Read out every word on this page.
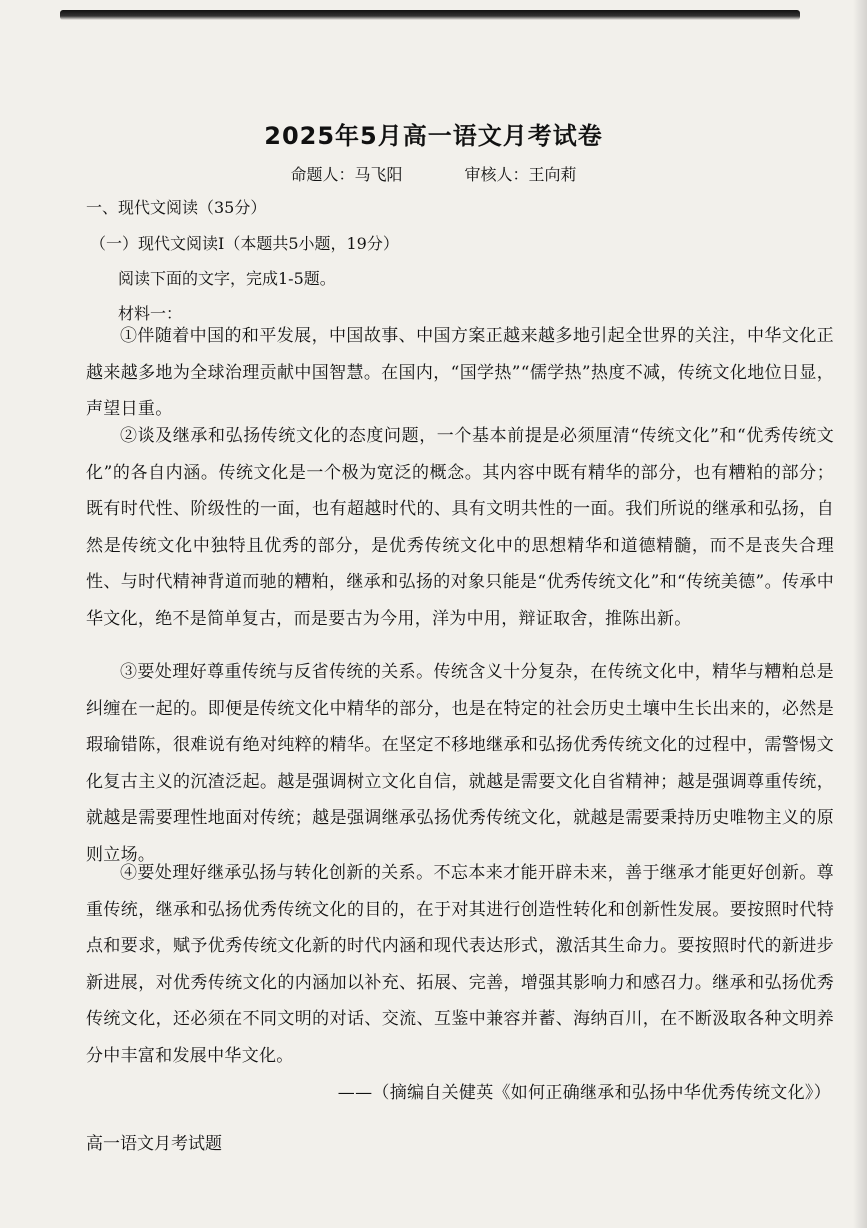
2025年5月高一语文月考试卷
命题人：马飞阳	审核人：王向莉
一、现代文阅读（35分）
（一）现代文阅读Ⅰ（本题共5小题，19分）
阅读下面的文字，完成1-5题。
材料一：

①伴随着中国的和平发展，中国故事、中国方案正越来越多地引起全世界的关注，中华文化正越来越多地为全球治理贡献中国智慧。在国内，“国学热”“儒学热”热度不减，传统文化地位日显，声望日重。

②谈及继承和弘扬传统文化的态度问题，一个基本前提是必须厘清“传统文化”和“优秀传统文化”的各自内涵。传统文化是一个极为宽泛的概念。其内容中既有精华的部分，也有糟粕的部分；既有时代性、阶级性的一面，也有超越时代的、具有文明共性的一面。我们所说的继承和弘扬，自然是传统文化中独特且优秀的部分，是优秀传统文化中的思想精华和道德精髓，而不是丧失合理性、与时代精神背道而驰的糟粕，继承和弘扬的对象只能是“优秀传统文化”和“传统美德”。传承中华文化，绝不是简单复古，而是要古为今用，洋为中用，辩证取舍，推陈出新。

③要处理好尊重传统与反省传统的关系。传统含义十分复杂，在传统文化中，精华与糟粕总是纠缠在一起的。即便是传统文化中精华的部分，也是在特定的社会历史土壤中生长出来的，必然是瑕瑜错陈，很难说有绝对纯粹的精华。在坚定不移地继承和弘扬优秀传统文化的过程中，需警惕文化复古主义的沉渣泛起。越是强调树立文化自信，就越是需要文化自省精神；越是强调尊重传统，就越是需要理性地面对传统；越是强调继承弘扬优秀传统文化，就越是需要秉持历史唯物主义的原则立场。

④要处理好继承弘扬与转化创新的关系。不忘本来才能开辟未来，善于继承才能更好创新。尊重传统，继承和弘扬优秀传统文化的目的，在于对其进行创造性转化和创新性发展。要按照时代特点和要求，赋予优秀传统文化新的时代内涵和现代表达形式，激活其生命力。要按照时代的新进步新进展，对优秀传统文化的内涵加以补充、拓展、完善，增强其影响力和感召力。继承和弘扬优秀传统文化，还必须在不同文明的对话、交流、互鉴中兼容并蓄、海纳百川，在不断汲取各种文明养分中丰富和发展中华文化。

——（摘编自关健英《如何正确继承和弘扬中华优秀传统文化》）
高一语文月考试题
